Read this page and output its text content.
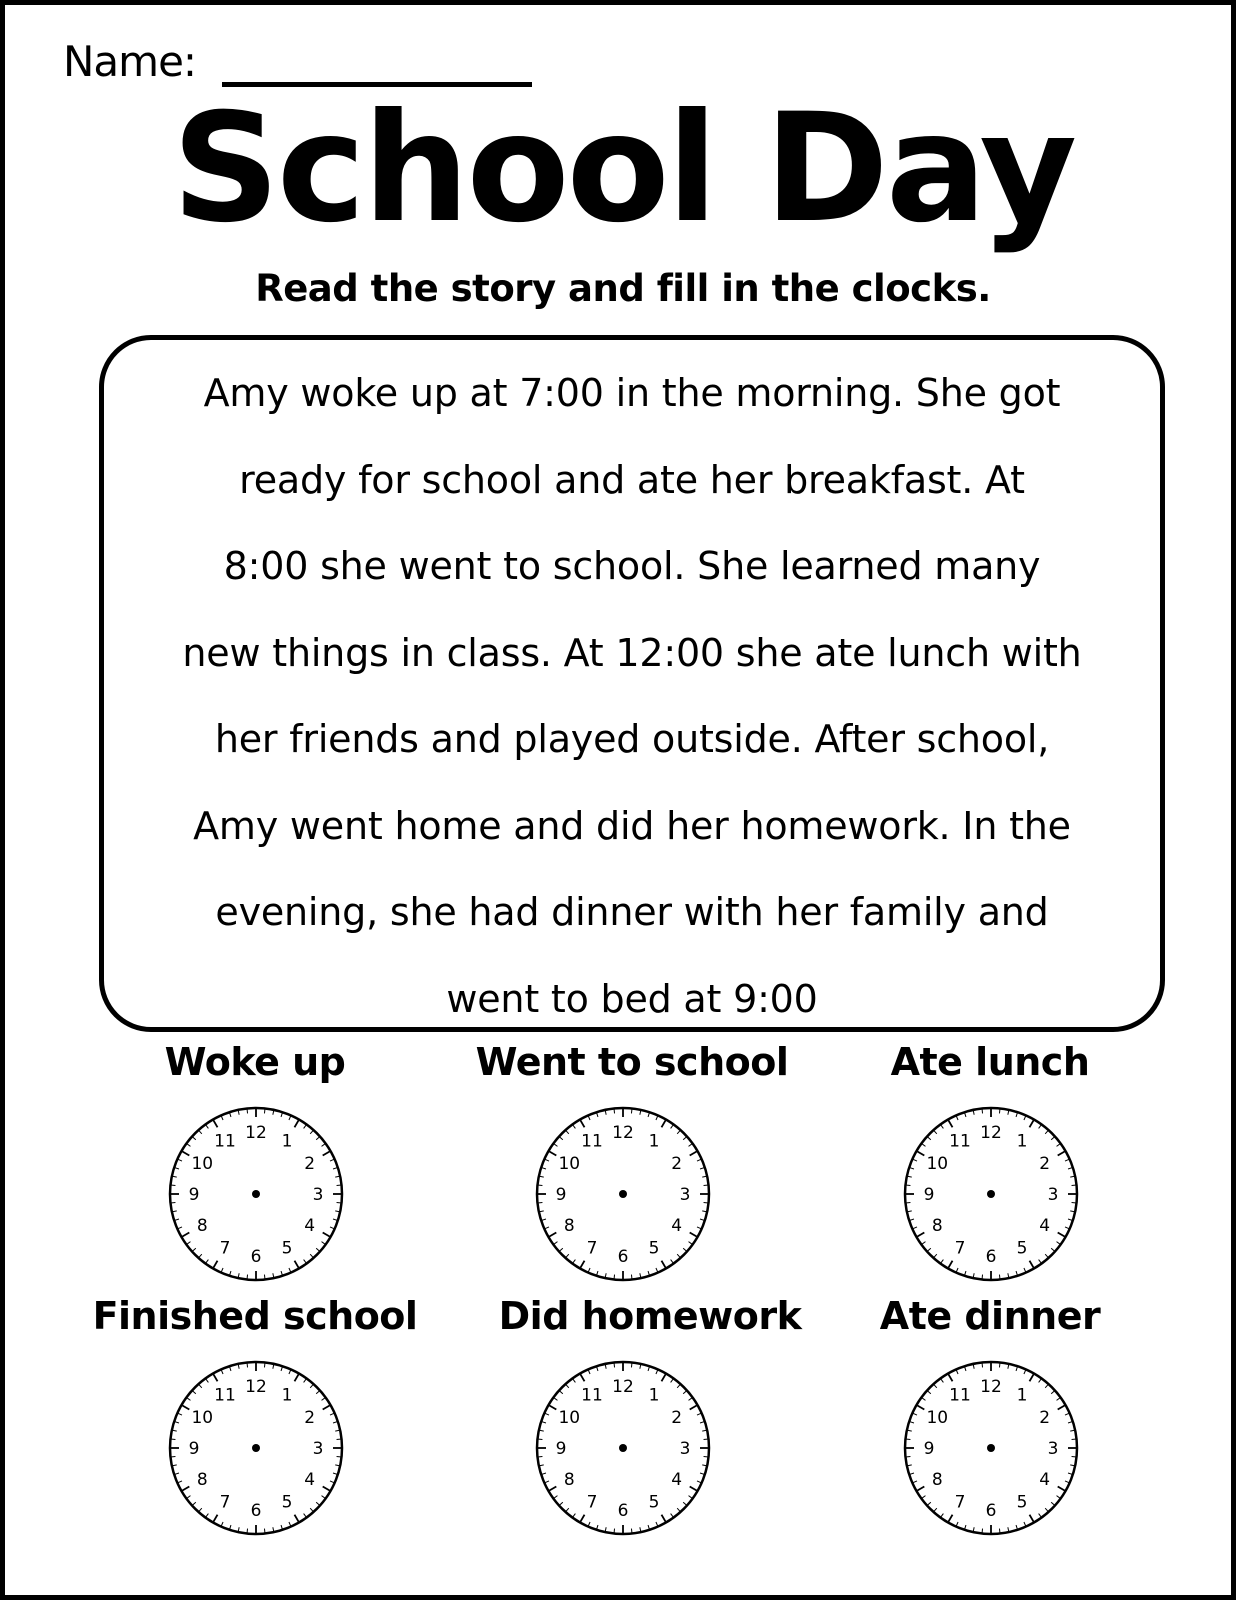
Name:
School Day
Read the story and fill in the clocks.
Amy woke up at 7:00 in the morning. She got
ready for school and ate her breakfast. At
8:00 she went to school. She learned many
new things in class. At 12:00 she ate lunch with
her friends and played outside. After school,
Amy went home and did her homework. In the
evening, she had dinner with her family and
went to bed at 9:00
Woke up
12 1
2
3
4
5
6
7
8
9
10
11
Went to school
12 1
2
3
4
5
6
7
8
9
10
11
Ate lunch
12 1
2
3
4
5
6
7
8
9
10
11
Finished school
12 1
2
3
4
5
6
7
8
9
10
11
Did homework
12 1
2
3
4
5
6
7
8
9
10
11
Ate dinner
12 1
2
3
4
5
6
7
8
9
10
11
